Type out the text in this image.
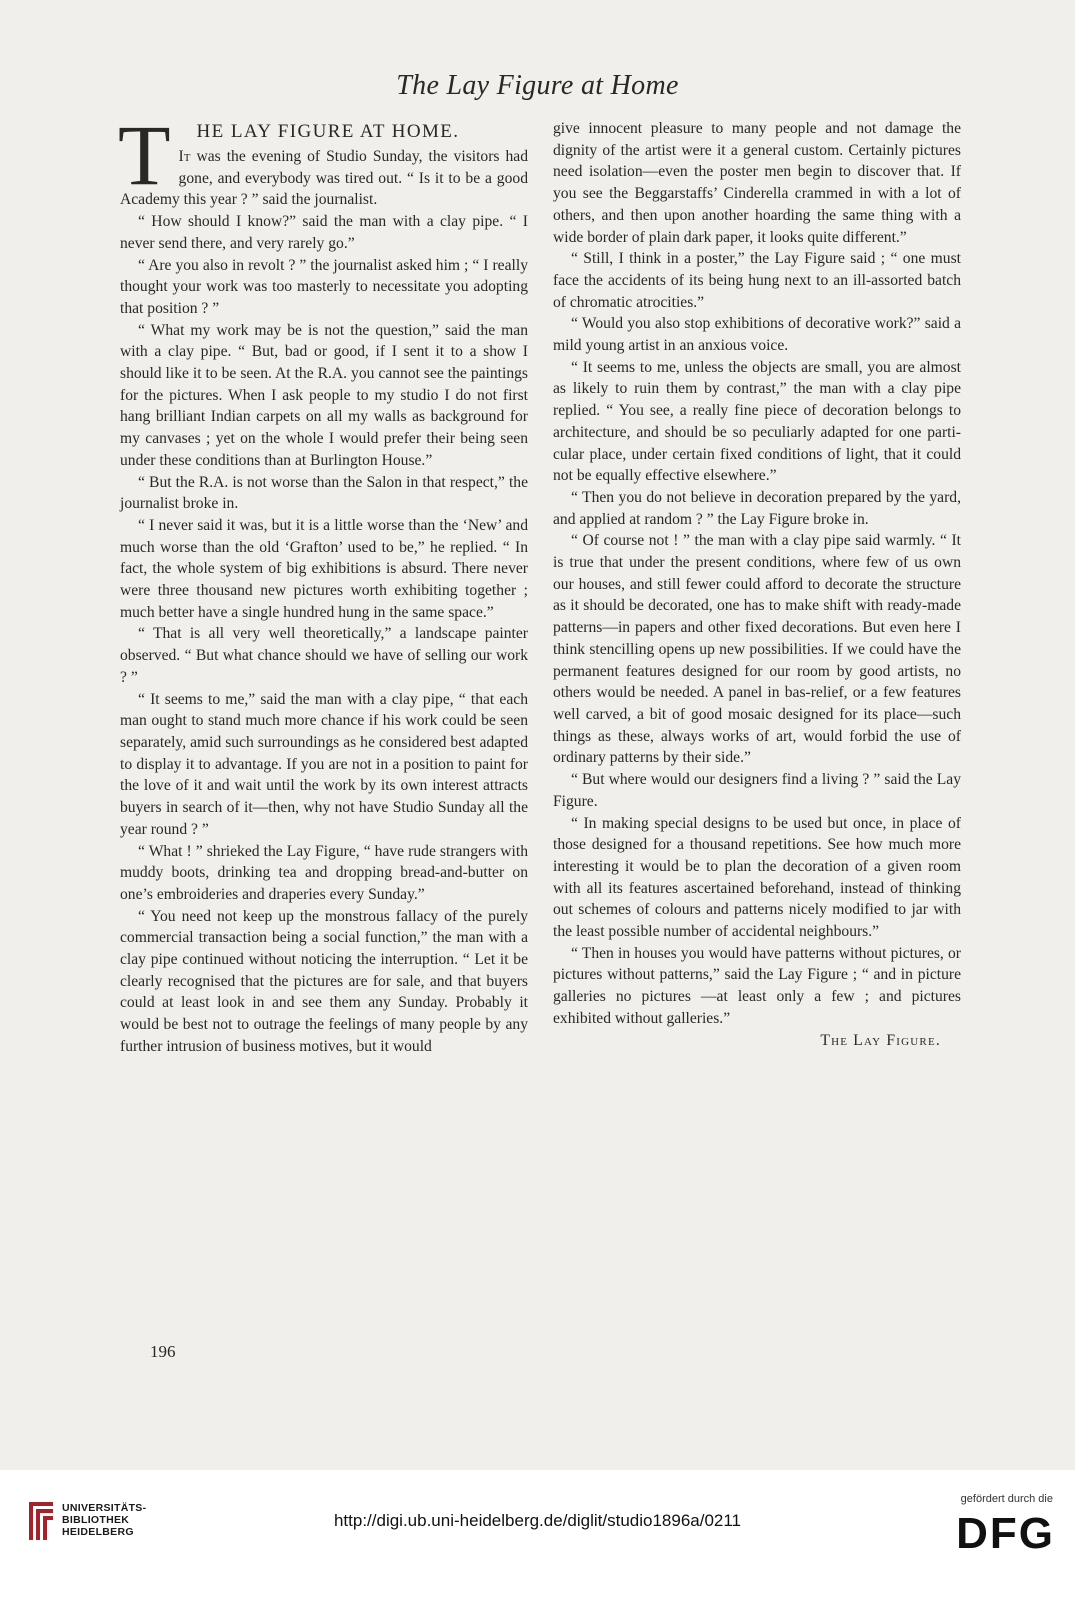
The Lay Figure at Home
T	HE LAY FIGURE AT HOME.

It was the evening of Studio Sunday, the visitors had gone, and everybody was tired out. “ Is it to be a good Academy this year ? ” said the journalist.

“ How should I know?” said the man with a clay pipe. “ I never send there, and very rarely go.”

“ Are you also in revolt ? ” the journalist asked him ; “ I really thought your work was too masterly to necessitate you adopting that position ? ”

“ What my work may be is not the question,” said the man with a clay pipe. “ But, bad or good, if I sent it to a show I should like it to be seen. At the R.A. you cannot see the paintings for the pictures. When I ask people to my studio I do not first hang brilliant Indian carpets on all my walls as background for my canvases ; yet on the whole I would prefer their being seen under these conditions than at Burlington House.”

“ But the R.A. is not worse than the Salon in that respect,” the journalist broke in.

“ I never said it was, but it is a little worse than the ‘New’ and much worse than the old ‘Grafton’ used to be,” he replied. “ In fact, the whole system of big exhibitions is absurd. There never were three thousand new pictures worth exhibiting together ; much better have a single hundred hung in the same space.”

“ That is all very well theoretically,” a landscape painter observed. “ But what chance should we have of selling our work ? ”

“ It seems to me,” said the man with a clay pipe, “ that each man ought to stand much more chance if his work could be seen separately, amid such surroundings as he considered best adapted to display it to advantage. If you are not in a position to paint for the love of it and wait until the work by its own interest attracts buyers in search of it—then, why not have Studio Sunday all the year round ? ”

“ What ! ” shrieked the Lay Figure, “ have rude strangers with muddy boots, drinking tea and dropping bread-and-butter on one’s embroideries and draperies every Sunday.”

“ You need not keep up the monstrous fallacy of the purely commercial transaction being a social function,” the man with a clay pipe continued without noticing the interruption. “ Let it be clearly recognised that the pictures are for sale, and that buyers could at least look in and see them any Sunday. Probably it would be best not to outrage the feelings of many people by any further intrusion of business motives, but it would

give innocent pleasure to many people and not damage the dignity of the artist were it a general custom. Certainly pictures need isolation—even the poster men begin to discover that. If you see the Beggarstaffs’ Cinderella crammed in with a lot of others, and then upon another hoarding the same thing with a wide border of plain dark paper, it looks quite different.”

“ Still, I think in a poster,” the Lay Figure said ; “ one must face the accidents of its being hung next to an ill-assorted batch of chromatic atrocities.”

“ Would you also stop exhibitions of decorative work?” said a mild young artist in an anxious voice.

“ It seems to me, unless the objects are small, you are almost as likely to ruin them by contrast,” the man with a clay pipe replied. “ You see, a really fine piece of decoration belongs to architecture, and should be so peculiarly adapted for one particular place, under certain fixed conditions of light, that it could not be equally effective elsewhere.”

“ Then you do not believe in decoration prepared by the yard, and applied at random ? ” the Lay Figure broke in.

“ Of course not ! ” the man with a clay pipe said warmly. “ It is true that under the present conditions, where few of us own our houses, and still fewer could afford to decorate the structure as it should be decorated, one has to make shift with ready-made patterns—in papers and other fixed decorations. But even here I think stencilling opens up new possibilities. If we could have the permanent features designed for our room by good artists, no others would be needed. A panel in bas-relief, or a few features well carved, a bit of good mosaic designed for its place—such things as these, always works of art, would forbid the use of ordinary patterns by their side.”

“ But where would our designers find a living ? ” said the Lay Figure.

“ In making special designs to be used but once, in place of those designed for a thousand repetitions. See how much more interesting it would be to plan the decoration of a given room with all its features ascertained beforehand, instead of thinking out schemes of colours and patterns nicely modified to jar with the least possible number of accidental neighbours.”

“ Then in houses you would have patterns without pictures, or pictures without patterns,” said the Lay Figure ; “ and in picture galleries no pictures —at least only a few ; and pictures exhibited without galleries.”

The Lay Figure.

196
UNIVERSITÄTS-
BIBLIOTHEK
HEIDELBERG
http://digi.ub.uni-heidelberg.de/diglit/studio1896a/0211
gefördert durch die
DFG
